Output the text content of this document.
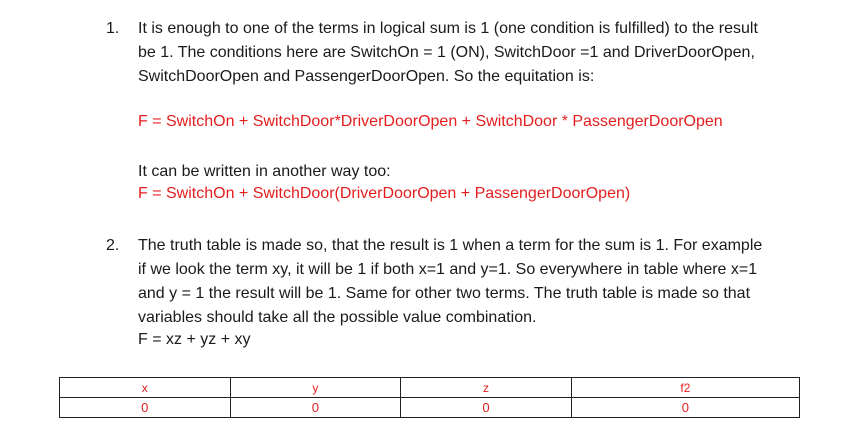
1. It is enough to one of the terms in logical sum is 1 (one condition is fulfilled) to the result
be 1. The conditions here are SwitchOn = 1 (ON), SwitchDoor =1 and DriverDoorOpen,
SwitchDoorOpen and PassengerDoorOpen. So the equitation is:
F = SwitchOn + SwitchDoor*DriverDoorOpen + SwitchDoor * PassengerDoorOpen
It can be written in another way too:
F = SwitchOn + SwitchDoor(DriverDoorOpen + PassengerDoorOpen)
2. The truth table is made so, that the result is 1 when a term for the sum is 1. For example
if we look the term xy, it will be 1 if both x=1 and y=1. So everywhere in table where x=1
and y = 1 the result will be 1. Same for other two terms. The truth table is made so that
variables should take all the possible value combination.
F = xz + yz + xy
x	y	z	f2
0	0	0	0
